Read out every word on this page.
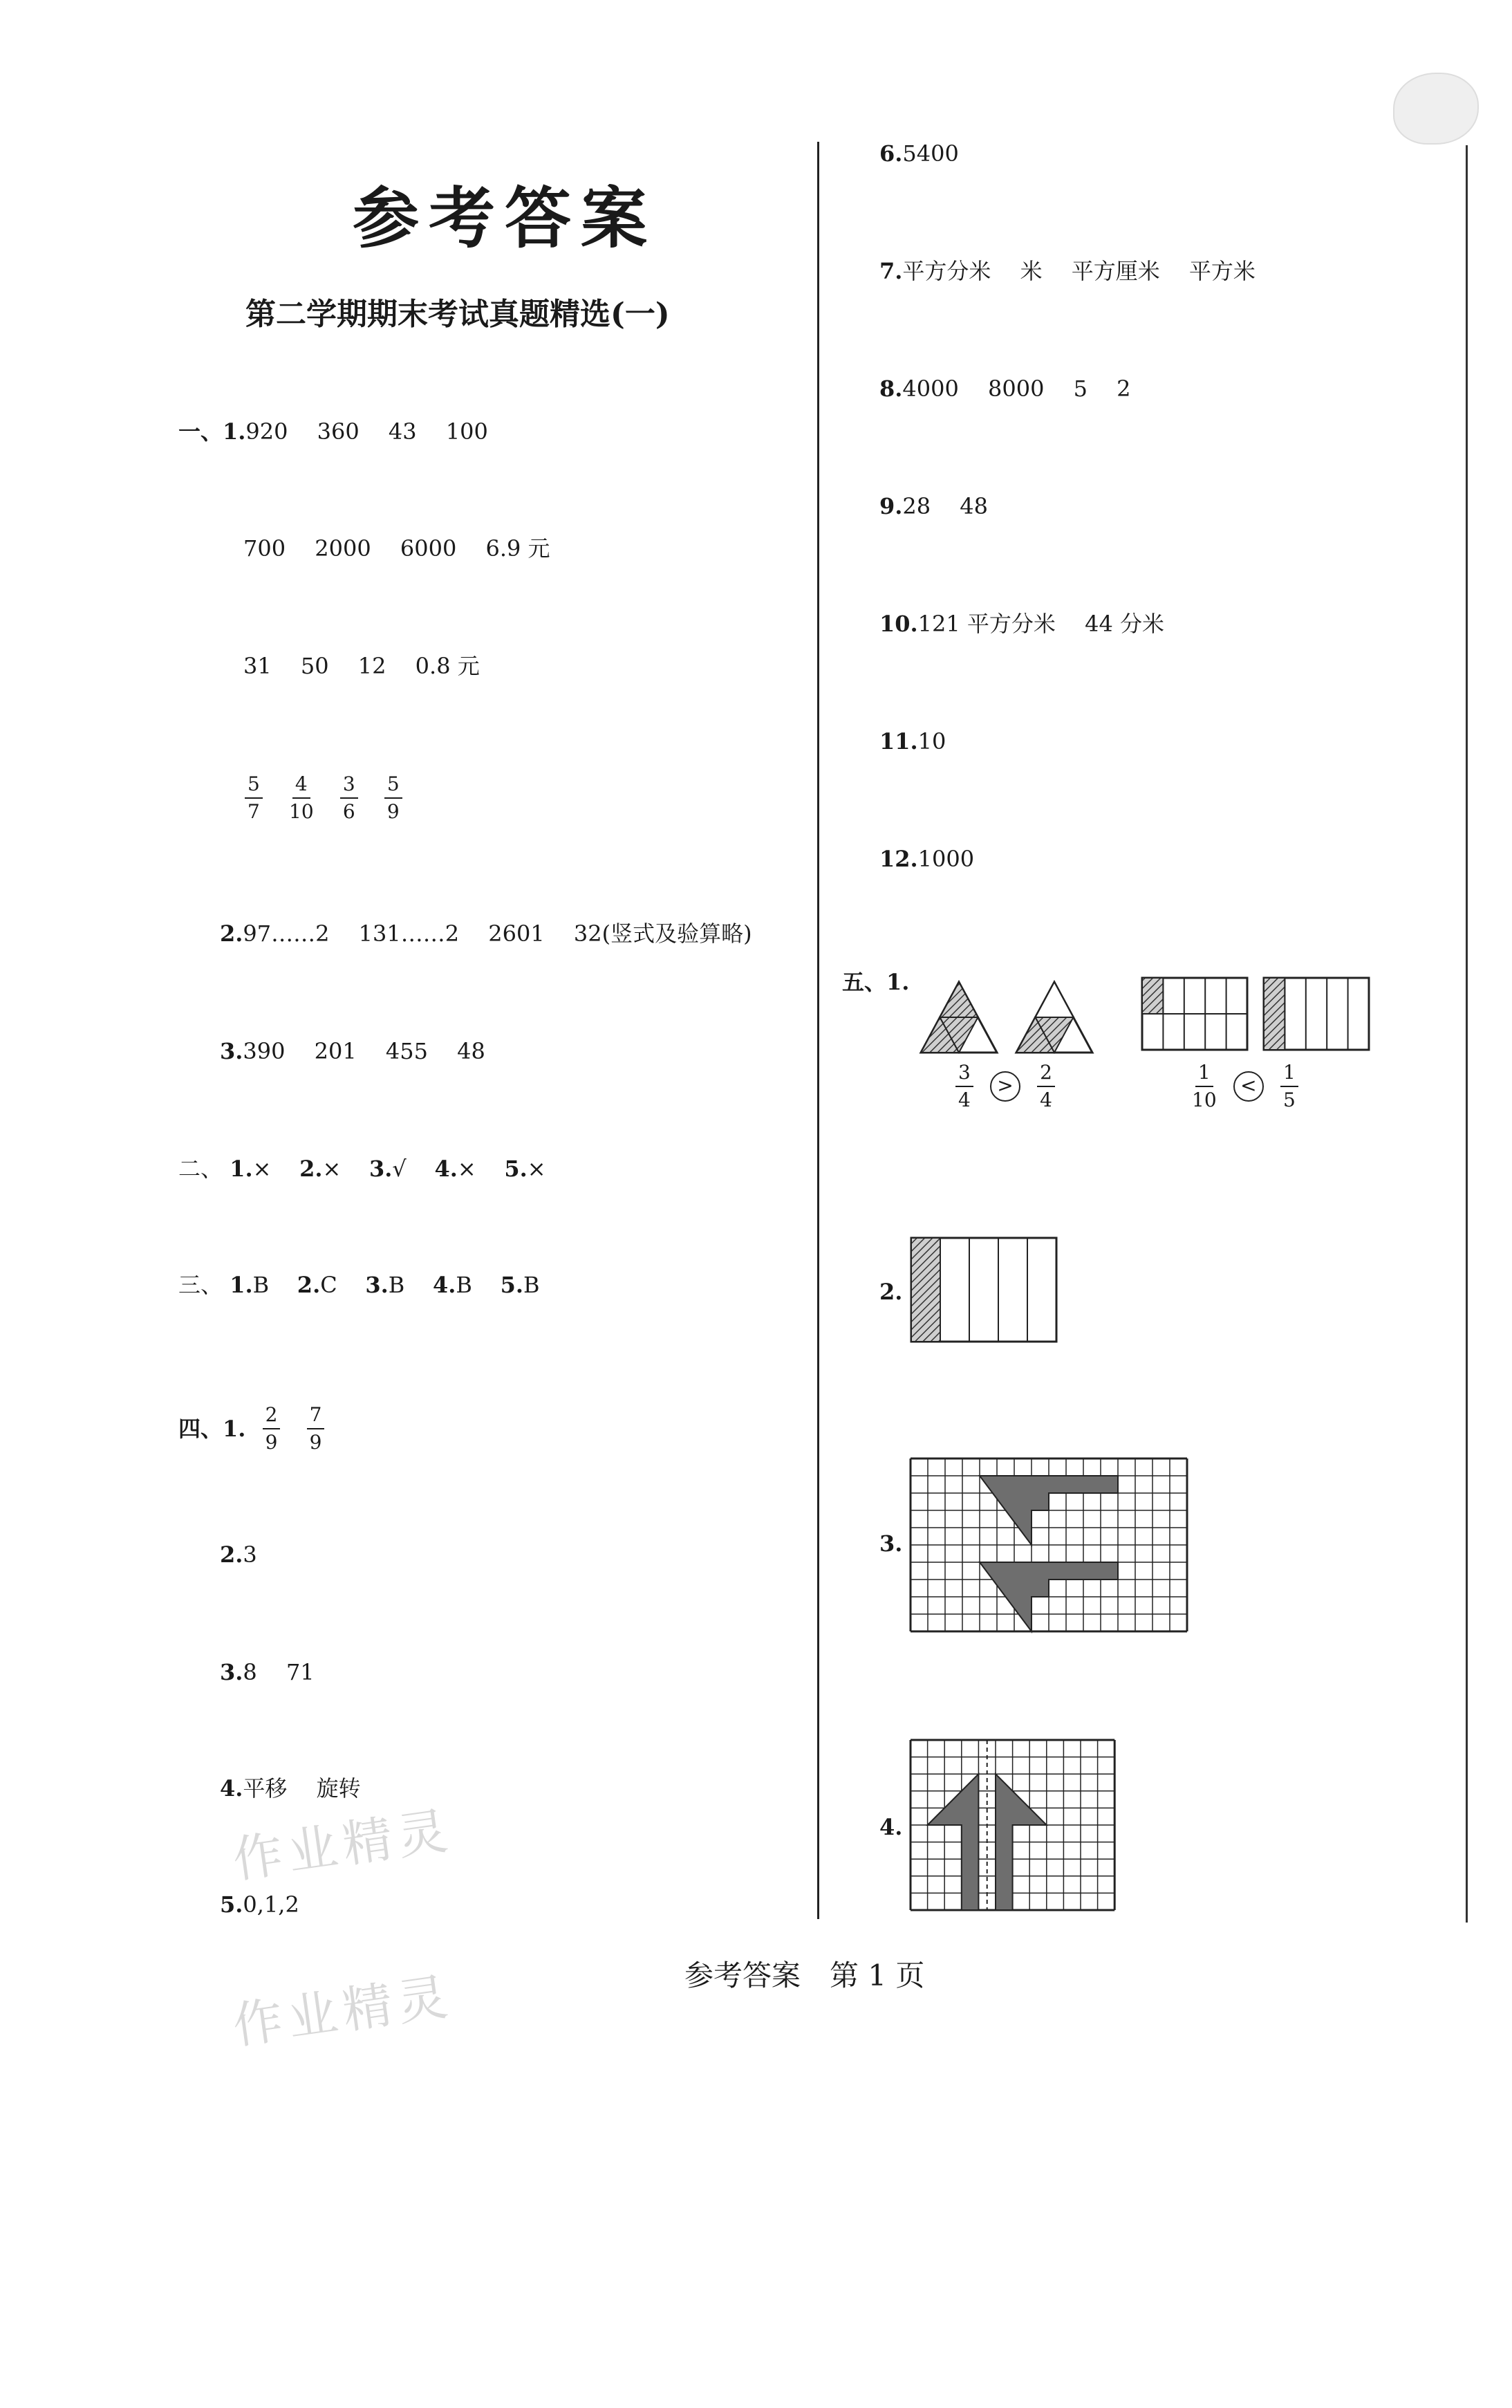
参考答案
第二学期期末考试真题精选(一)
一、1.920　 360　 43　 100
700　 2000　 6000　 6.9 元
31　 50　 12　 0.8 元
$\frac{5}{7}$
$\frac{4}{10}$
$\frac{3}{6}$
$\frac{5}{9}$
2.97……2　 131……2　 2601　 32(竖式及验算略)
3.390　 201　 455　 48
二、 1.× 2.× 3.√ 4.× 5.×
三、 1.B 2.C 3.B 4.B 5.B
四、1. $\frac{2}{9}$
$\frac{7}{9}$
2.3
3.8　 71
4.平移　 旋转
5.0,1,2
6.5400
7.平方分米　 米　 平方厘米　 平方米
8.4000　 8000　 5　 2
9.28　 48
10.121 平方分米　 44 分米
11.10
12.1000
五、1.
$\frac{3}{4} > \frac{2}{4}$	$\frac{1}{10} < \frac{1}{5}$
2.
3.
4.
参考答案　第 1 页
作业精灵
作业精灵
